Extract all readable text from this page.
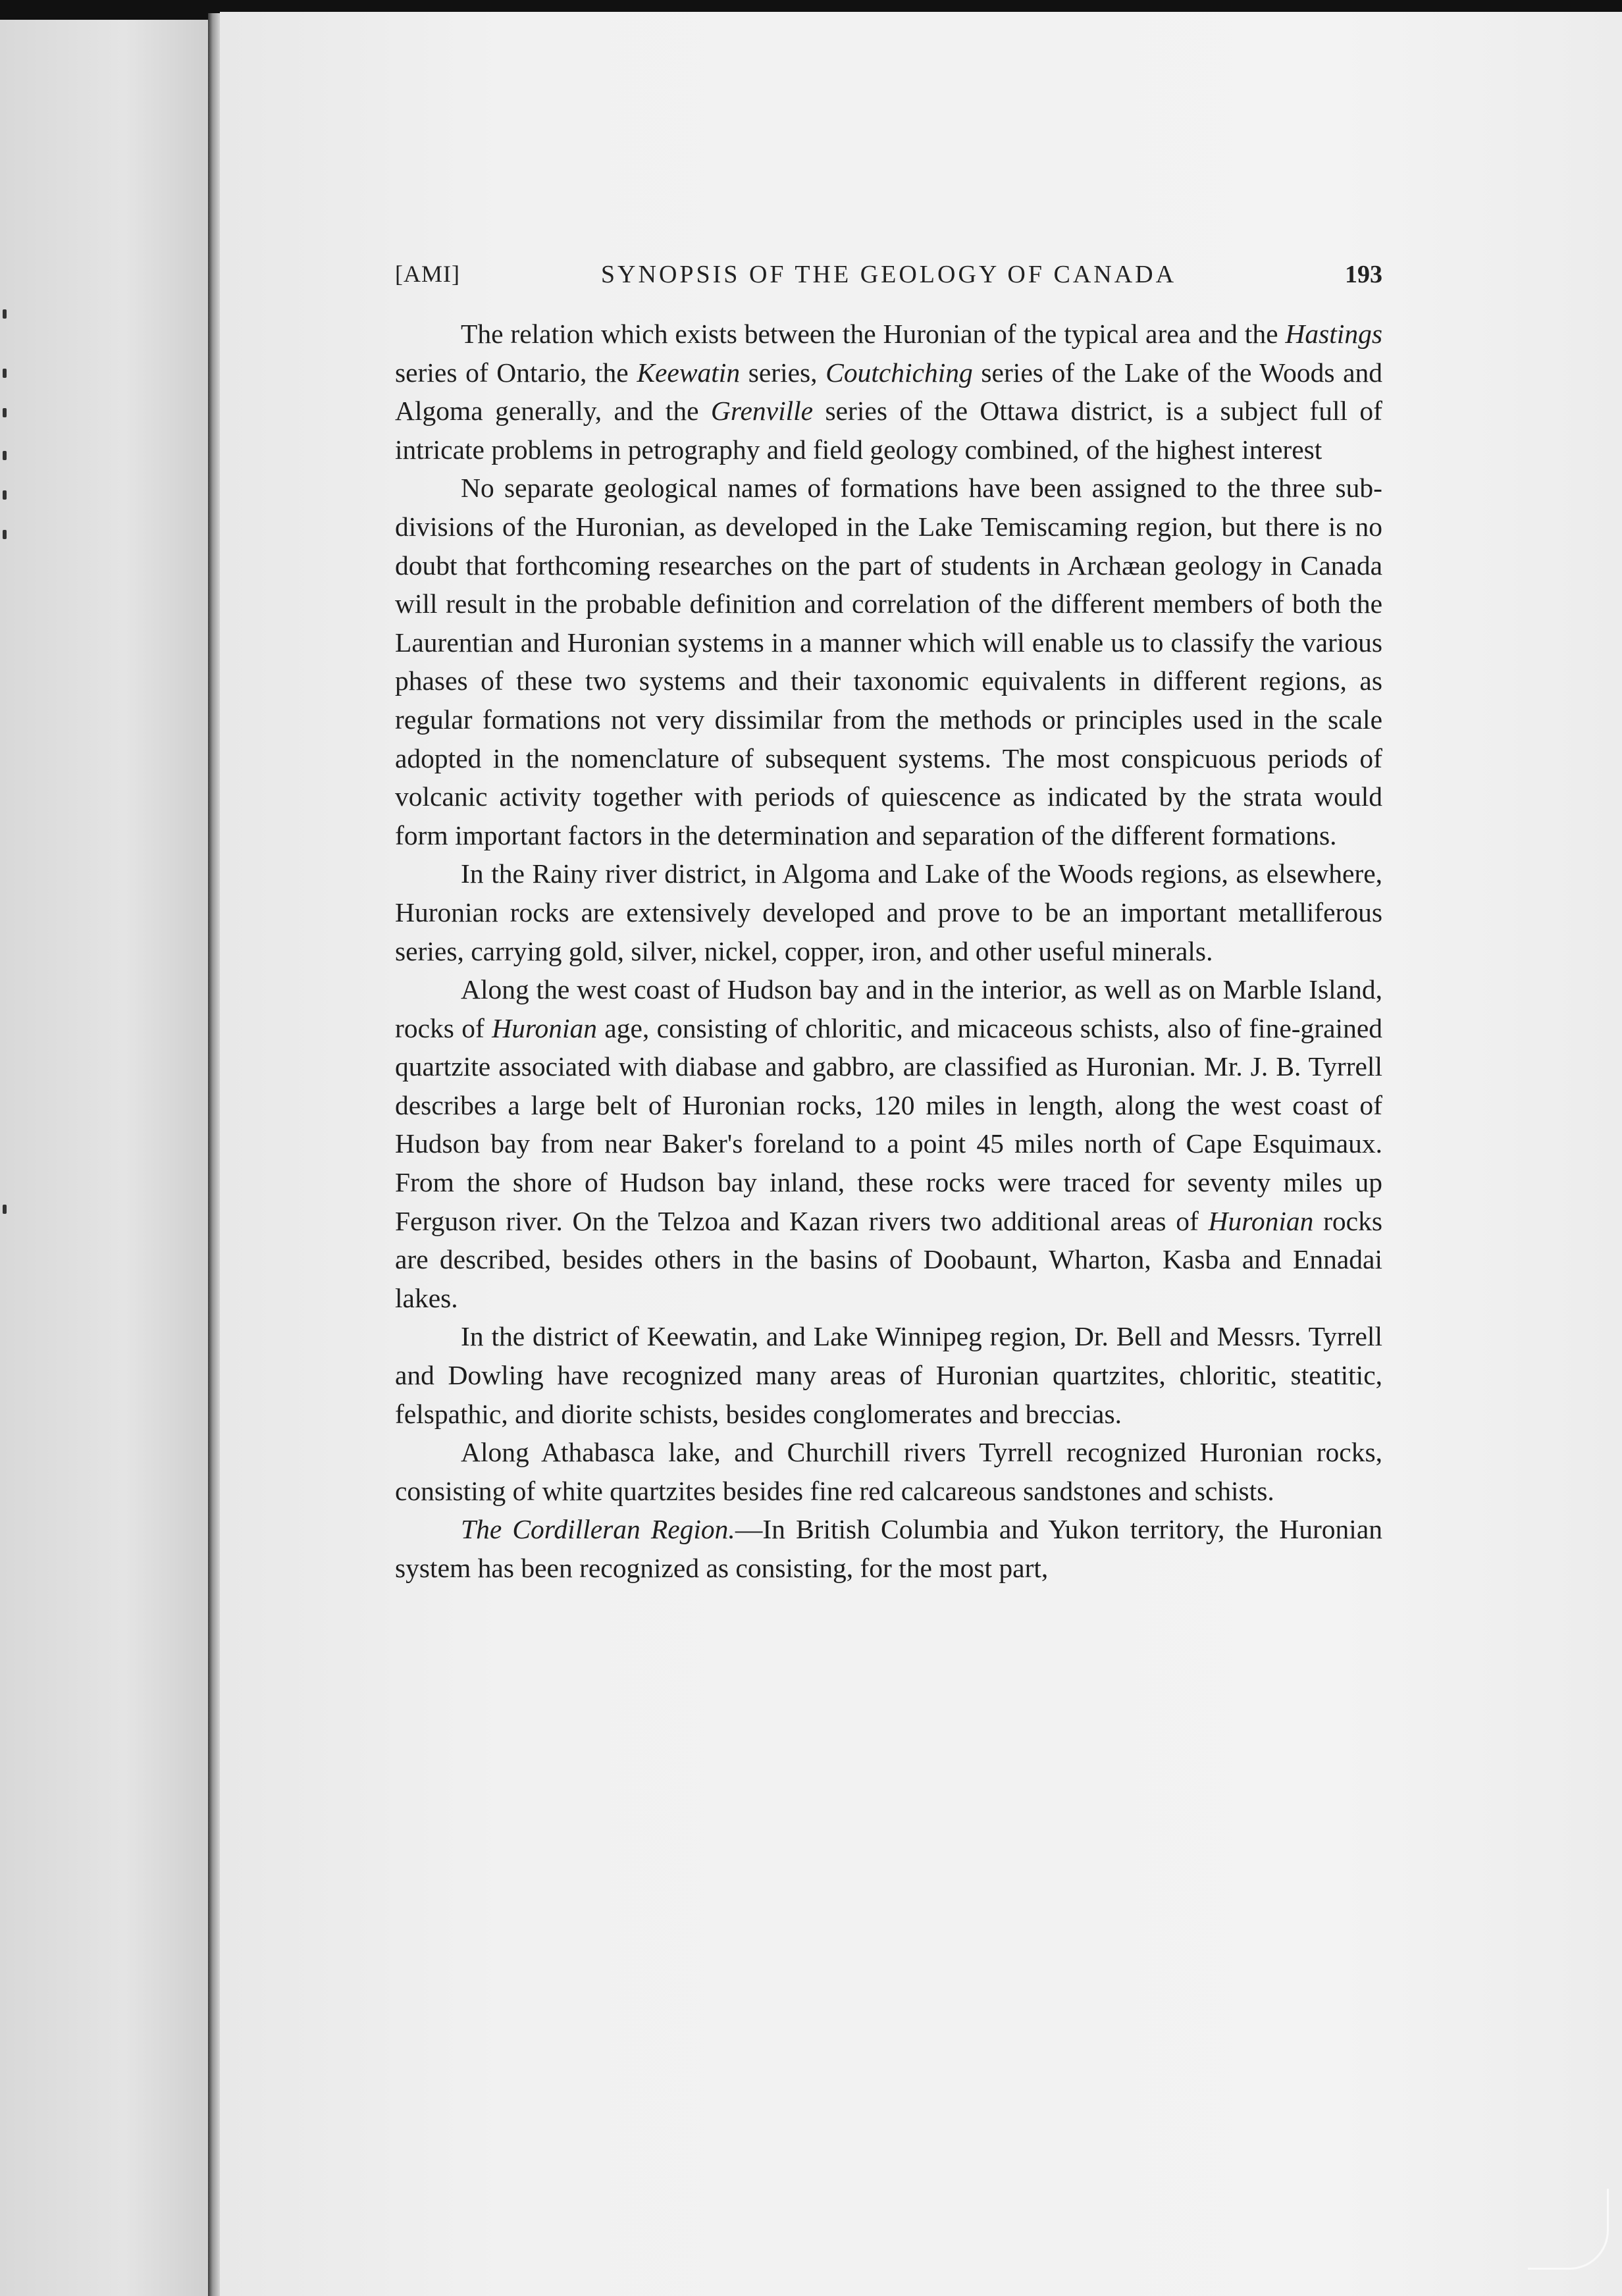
[AMI]	SYNOPSIS OF THE GEOLOGY OF CANADA	193

The relation which exists between the Huronian of the typical area and the Hastings series of Ontario, the Keewatin series, Coutchiching series of the Lake of the Woods and Algoma generally, and the Grenville series of the Ottawa district, is a subject full of intricate problems in petrography and field geology combined, of the highest interest

No separate geological names of formations have been assigned to the three sub-divisions of the Huronian, as developed in the Lake Temiscaming region, but there is no doubt that forthcoming researches on the part of students in Archæan geology in Canada will result in the probable definition and correlation of the different members of both the Laurentian and Huronian systems in a manner which will enable us to classify the various phases of these two systems and their taxonomic equivalents in different regions, as regular formations not very dissimilar from the methods or principles used in the scale adopted in the nomenclature of subsequent systems. The most conspicuous periods of volcanic activity together with periods of quiescence as indicated by the strata would form important factors in the determination and separation of the different formations.

In the Rainy river district, in Algoma and Lake of the Woods regions, as elsewhere, Huronian rocks are extensively developed and prove to be an important metalliferous series, carrying gold, silver, nickel, copper, iron, and other useful minerals.

Along the west coast of Hudson bay and in the interior, as well as on Marble Island, rocks of Huronian age, consisting of chloritic, and micaceous schists, also of fine-grained quartzite associated with diabase and gabbro, are classified as Huronian. Mr. J. B. Tyrrell describes a large belt of Huronian rocks, 120 miles in length, along the west coast of Hudson bay from near Baker's foreland to a point 45 miles north of Cape Esquimaux. From the shore of Hudson bay inland, these rocks were traced for seventy miles up Ferguson river. On the Telzoa and Kazan rivers two additional areas of Huronian rocks are described, besides others in the basins of Doobaunt, Wharton, Kasba and Ennadai lakes.

In the district of Keewatin, and Lake Winnipeg region, Dr. Bell and Messrs. Tyrrell and Dowling have recognized many areas of Huronian quartzites, chloritic, steatitic, felspathic, and diorite schists, besides conglomerates and breccias.

Along Athabasca lake, and Churchill rivers Tyrrell recognized Huronian rocks, consisting of white quartzites besides fine red calcareous sandstones and schists.

The Cordilleran Region.—In British Columbia and Yukon territory, the Huronian system has been recognized as consisting, for the most part,
